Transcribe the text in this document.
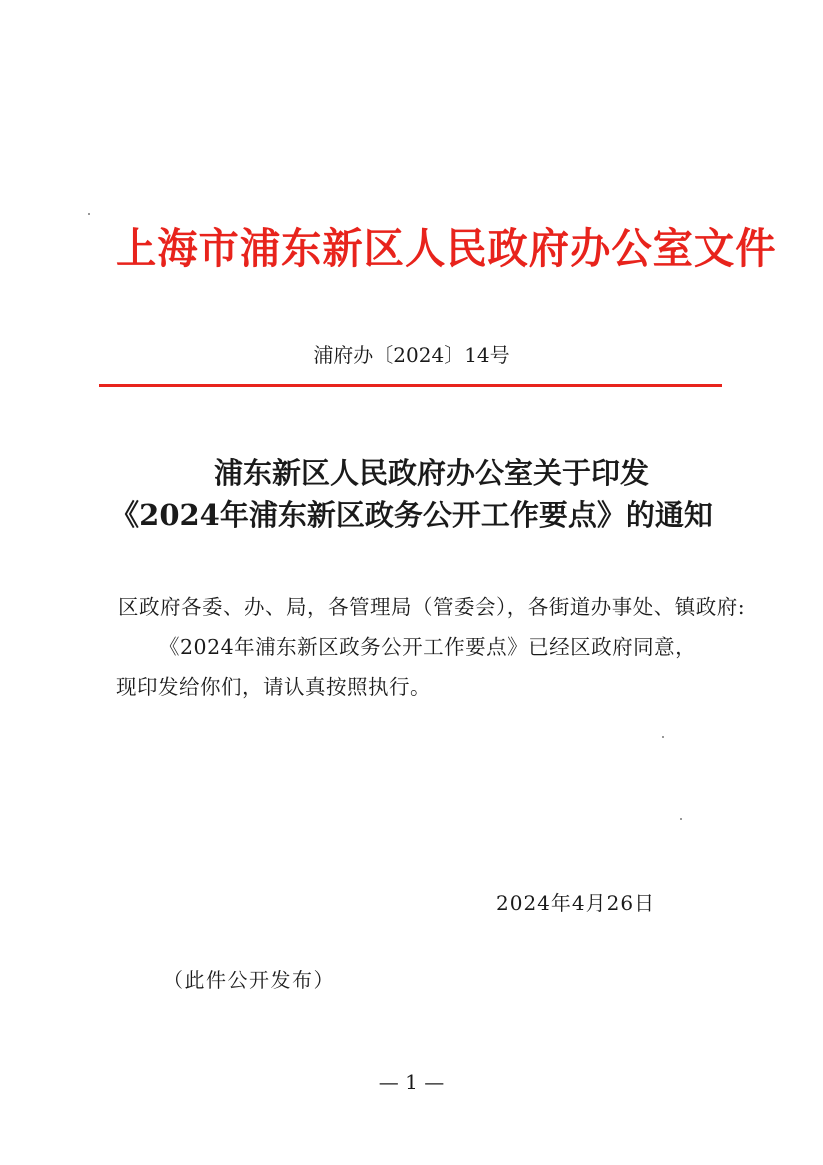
上海市浦东新区人民政府办公室文件
浦府办〔2024〕14号
浦东新区人民政府办公室关于印发
《2024年浦东新区政务公开工作要点》的通知
区政府各委、办、局，各管理局（管委会），各街道办事处、镇政府:
《2024年浦东新区政务公开工作要点》已经区政府同意，
现印发给你们，请认真按照执行。
2024年4月26日
（此件公开发布）
— 1 —
